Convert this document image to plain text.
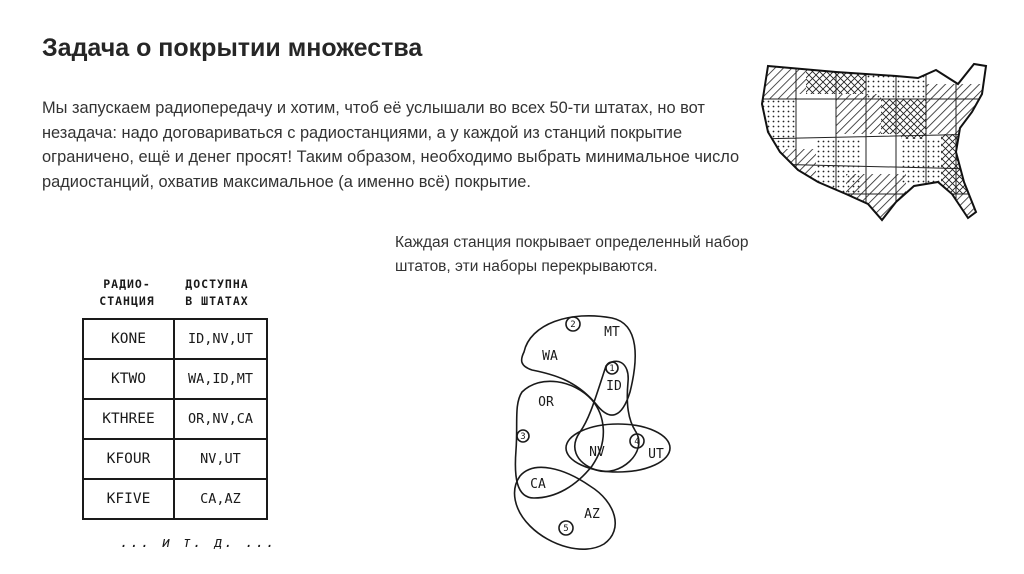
Задача о покрытии множества

Мы запускаем радиопередачу и хотим, чтоб её услышали во всех 50-ти штатах, но вот незадача: надо договариваться с радиостанциями, а у каждой из станций покрытие ограничено, ещё и денег просят! Таким образом, необходимо выбрать минимальное число радиостанций, охватив максимальное (а именно всё) покрытие.

Каждая станция покрывает определенный набор штатов, эти наборы перекрываются.

РАДИО-
СТАНЦИЯ
ДОСТУПНА
В ШТАТАХ
KONE	ID,NV,UT
KTWO	WA,ID,MT
KTHREE	OR,NV,CA
KFOUR	NV,UT
KFIVE	CA,AZ
... и т. д. ...
MT
WA
ID
OR
NV	UT
CA
AZ
1
2
3	4
5
